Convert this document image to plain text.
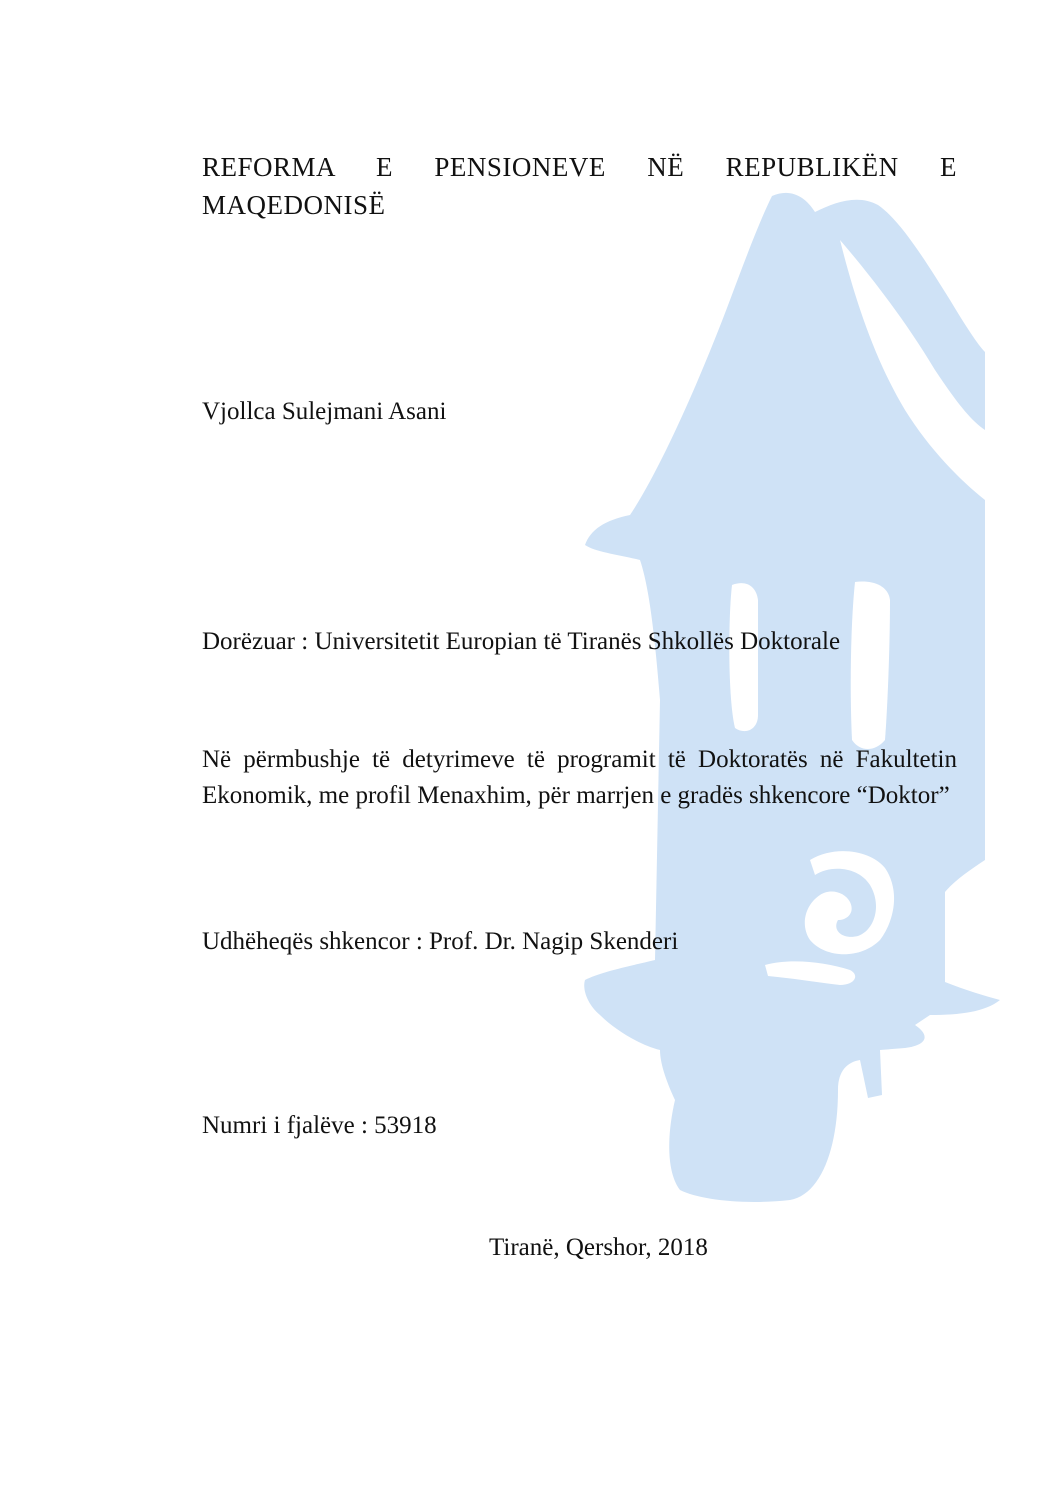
REFORMA E PENSIONEVE NË REPUBLIKËN E MAQEDONISË
Vjollca Sulejmani Asani
Dorëzuar : Universitetit Europian të Tiranës Shkollës Doktorale
Në përmbushje të detyrimeve të programit të Doktoratës në Fakultetin Ekonomik, me profil Menaxhim, për marrjen e gradës shkencore “Doktor”
Udhëheqës shkencor : Prof. Dr. Nagip Skenderi
Numri i fjalëve : 53918
Tiranë, Qershor, 2018
